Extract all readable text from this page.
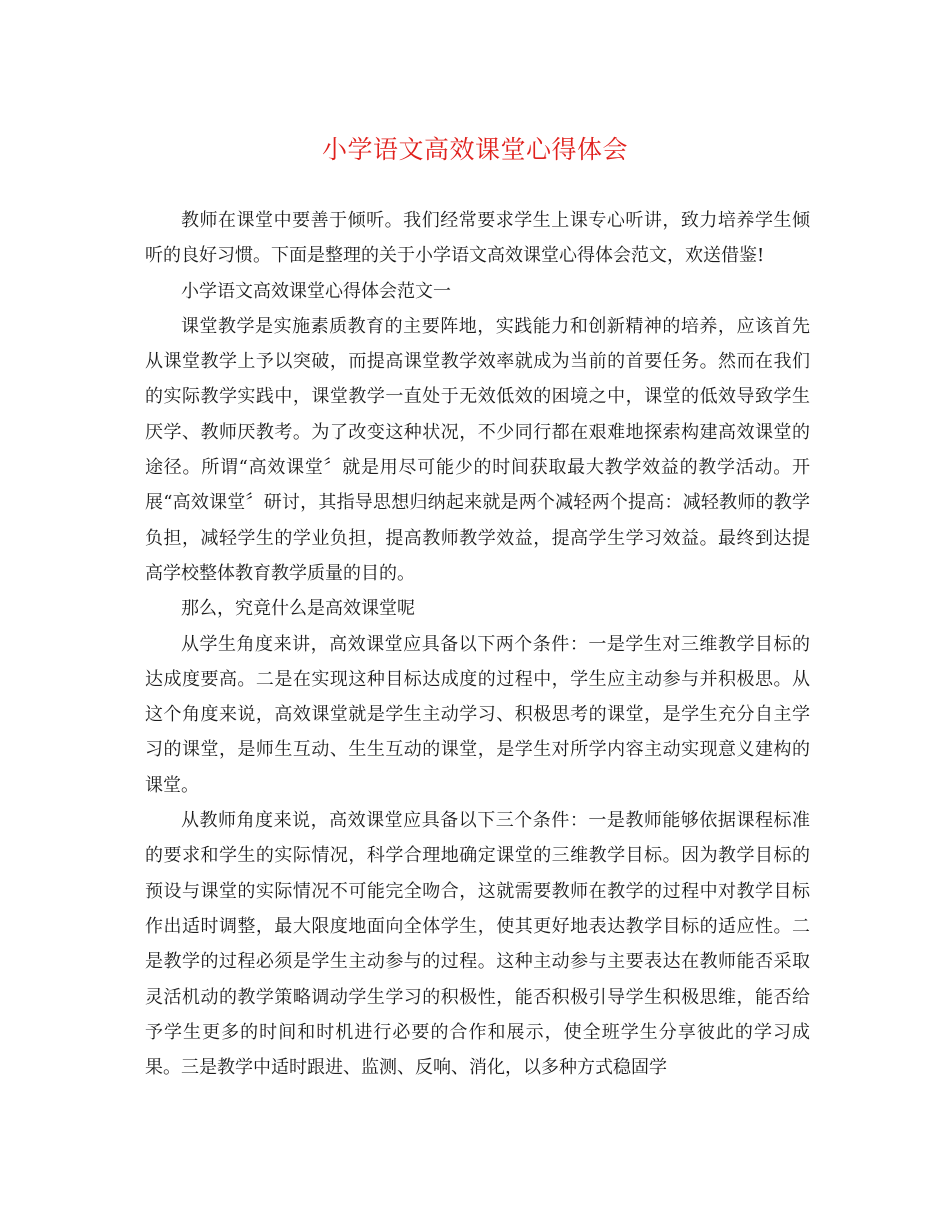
小学语文高效课堂心得体会

教师在课堂中要善于倾听。我们经常要求学生上课专心听讲，致力培养学生倾听的良好习惯。下面是整理的关于小学语文高效课堂心得体会范文，欢送借鉴!

小学语文高效课堂心得体会范文一

课堂教学是实施素质教育的主要阵地，实践能力和创新精神的培养，应该首先从课堂教学上予以突破，而提高课堂教学效率就成为当前的首要任务。然而在我们的实际教学实践中，课堂教学一直处于无效低效的困境之中，课堂的低效导致学生厌学、教师厌教考。为了改变这种状况，不少同行都在艰难地探索构建高效课堂的途径。所谓“高效课堂〞就是用尽可能少的时间获取最大教学效益的教学活动。开展“高效课堂〞研讨，其指导思想归纳起来就是两个减轻两个提高：减轻教师的教学负担，减轻学生的学业负担，提高教师教学效益，提高学生学习效益。最终到达提高学校整体教育教学质量的目的。

那么，究竟什么是高效课堂呢

从学生角度来讲，高效课堂应具备以下两个条件：一是学生对三维教学目标的达成度要高。二是在实现这种目标达成度的过程中，学生应主动参与并积极思。从这个角度来说，高效课堂就是学生主动学习、积极思考的课堂，是学生充分自主学习的课堂，是师生互动、生生互动的课堂，是学生对所学内容主动实现意义建构的课堂。

从教师角度来说，高效课堂应具备以下三个条件：一是教师能够依据课程标准的要求和学生的实际情况，科学合理地确定课堂的三维教学目标。因为教学目标的预设与课堂的实际情况不可能完全吻合，这就需要教师在教学的过程中对教学目标作出适时调整，最大限度地面向全体学生，使其更好地表达教学目标的适应性。二是教学的过程必须是学生主动参与的过程。这种主动参与主要表达在教师能否采取灵活机动的教学策略调动学生学习的积极性，能否积极引导学生积极思维，能否给予学生更多的时间和时机进行必要的合作和展示，使全班学生分享彼此的学习成果。三是教学中适时跟进、监测、反响、消化，以多种方式稳固学
